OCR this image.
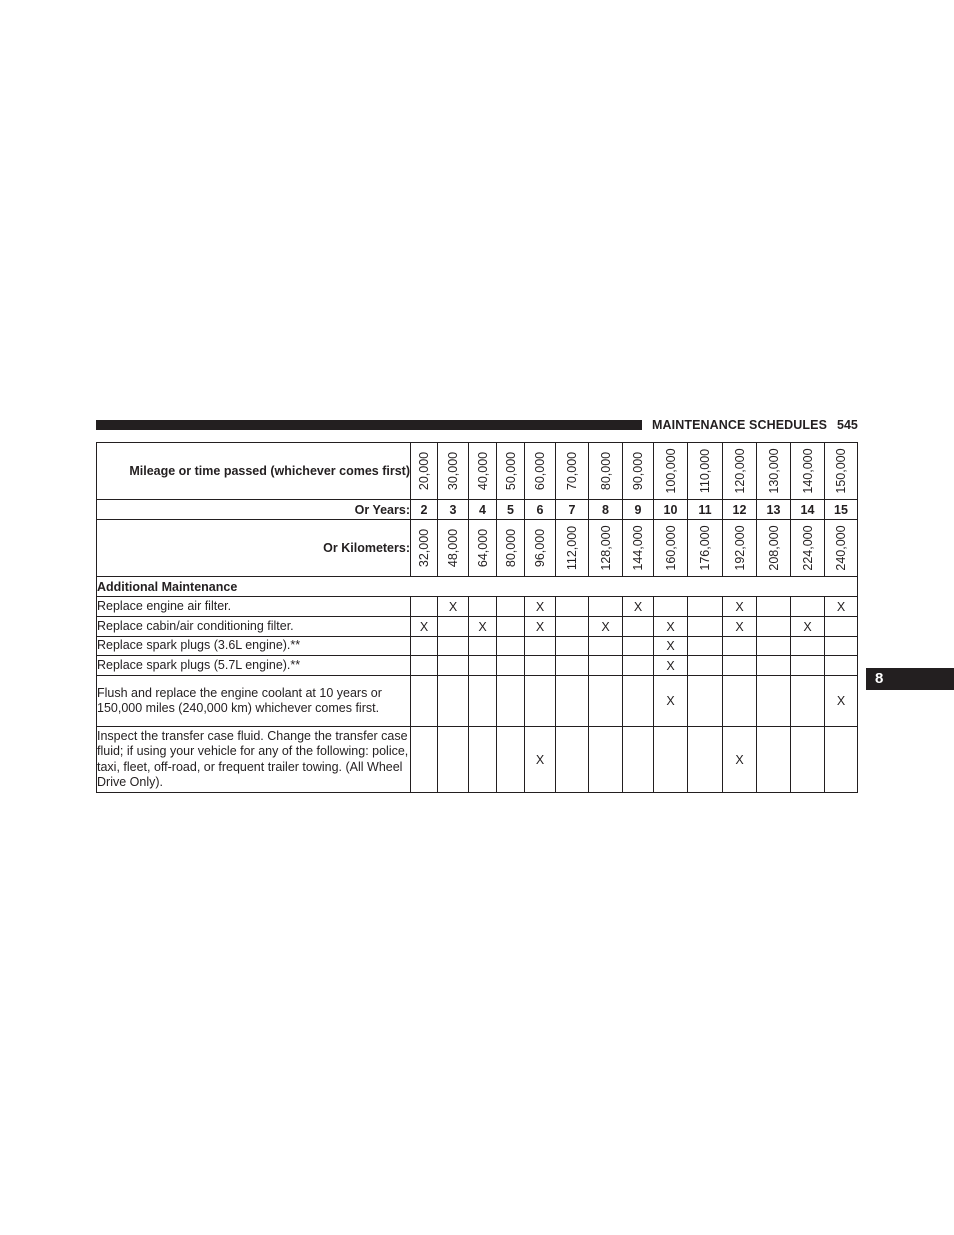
MAINTENANCE SCHEDULES 545
8
Mileage or time passed (whichever comes first)	20,000	30,000	40,000	50,000	60,000	70,000	80,000	90,000	100,000	110,000	120,000	130,000	140,000	150,000

Or Years:	2	3	4	5	6	7	8	9	10	11	12	13	14	15
Or Kilometers:	32,000	48,000	64,000	80,000	96,000	112,000	128,000	144,000	160,000	176,000	192,000	208,000	224,000	240,000

Additional Maintenance														
Replace engine air filter.		X			X			X			X			X
Replace cabin/air conditioning filter.	X		X		X		X		X		X		X	
Replace spark plugs (3.6L engine).**									X					
Replace spark plugs (5.7L engine).**									X					
Flush and replace the engine coolant at 10 years or 150,000 miles (240,000 km) whichever comes first.									X					X
Inspect the transfer case fluid. Change the transfer case fluid; if using your vehicle for any of the following: police, taxi, fleet, off-road, or frequent trailer towing. (All Wheel Drive Only).					X						X			
